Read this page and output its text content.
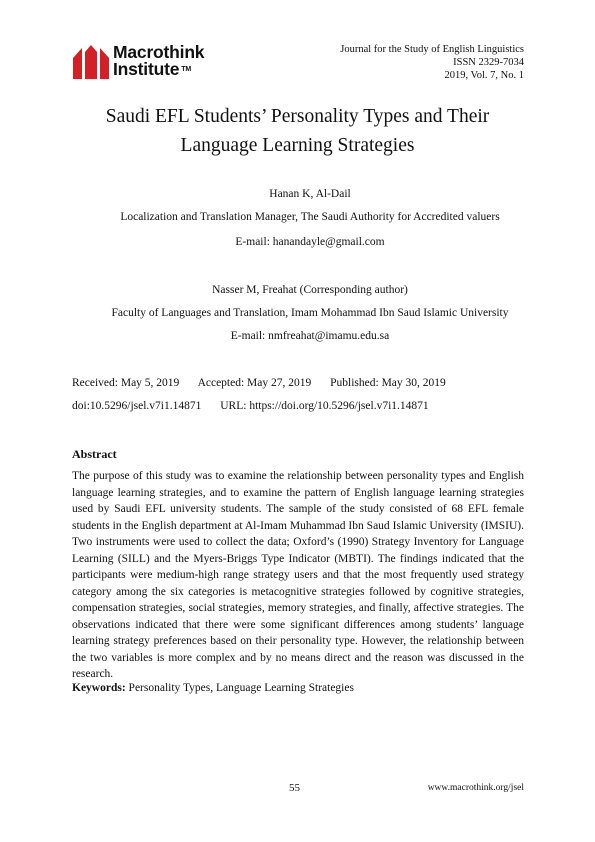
Macrothink
Institute ™
Journal for the Study of English Linguistics
ISSN 2329-7034
2019, Vol. 7, No. 1
Saudi EFL Students’ Personality Types and Their
Language Learning Strategies
Hanan K, Al-Dail
Localization and Translation Manager, The Saudi Authority for Accredited valuers
E-mail: hanandayle@gmail.com
Nasser M, Freahat (Corresponding author)
Faculty of Languages and Translation, Imam Mohammad Ibn Saud Islamic University
E-mail: nmfreahat@imamu.edu.sa
Received: May 5, 2019 Accepted: May 27, 2019 Published: May 30, 2019
doi:10.5296/jsel.v7i1.14871 URL: https://doi.org/10.5296/jsel.v7i1.14871
Abstract
The purpose of this study was to examine the relationship between personality types and English language learning strategies, and to examine the pattern of English language learning strategies used by Saudi EFL university students. The sample of the study consisted of 68 EFL female students in the English department at Al-Imam Muhammad Ibn Saud Islamic University (IMSIU). Two instruments were used to collect the data; Oxford’s (1990) Strategy Inventory for Language Learning (SILL) and the Myers-Briggs Type Indicator (MBTI). The findings indicated that the participants were medium-high range strategy users and that the most frequently used strategy category among the six categories is metacognitive strategies followed by cognitive strategies, compensation strategies, social strategies, memory strategies, and finally, affective strategies. The observations indicated that there were some significant differences among students’ language learning strategy preferences based on their personality type. However, the relationship between the two variables is more complex and by no means direct and the reason was discussed in the research.
Keywords: Personality Types, Language Learning Strategies
55	www.macrothink.org/jsel
